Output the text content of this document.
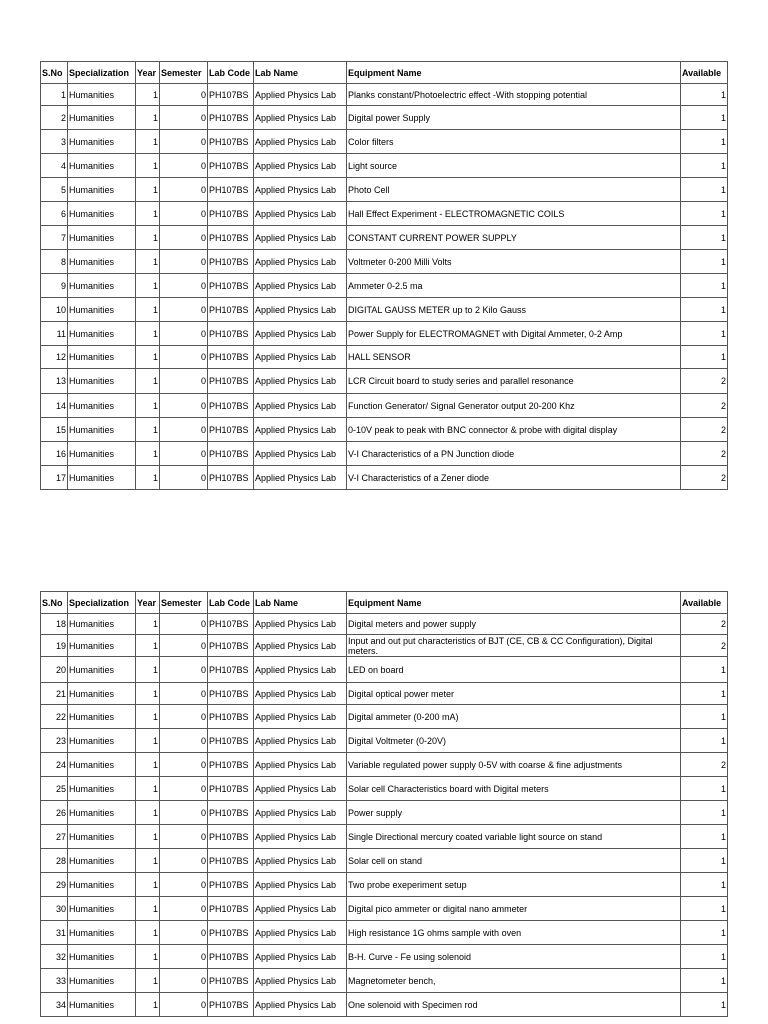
S.No	Specialization	Year	Semester	Lab Code	Lab Name	Equipment Name	Available
1	Humanities	1	0	PH107BS	Applied Physics Lab	Planks constant/Photoelectric effect -With stopping potential	1
2	Humanities	1	0	PH107BS	Applied Physics Lab	Digital power Supply	1
3	Humanities	1	0	PH107BS	Applied Physics Lab	Color filters	1
4	Humanities	1	0	PH107BS	Applied Physics Lab	Light source	1
5	Humanities	1	0	PH107BS	Applied Physics Lab	Photo Cell	1
6	Humanities	1	0	PH107BS	Applied Physics Lab	Hall Effect Experiment - ELECTROMAGNETIC COILS	1
7	Humanities	1	0	PH107BS	Applied Physics Lab	CONSTANT CURRENT POWER SUPPLY	1
8	Humanities	1	0	PH107BS	Applied Physics Lab	Voltmeter 0-200 Milli Volts	1
9	Humanities	1	0	PH107BS	Applied Physics Lab	Ammeter 0-2.5 ma	1
10	Humanities	1	0	PH107BS	Applied Physics Lab	DIGITAL GAUSS METER up to 2 Kilo Gauss	1
11	Humanities	1	0	PH107BS	Applied Physics Lab	Power Supply for ELECTROMAGNET with Digital Ammeter, 0-2 Amp	1
12	Humanities	1	0	PH107BS	Applied Physics Lab	HALL SENSOR	1
13	Humanities	1	0	PH107BS	Applied Physics Lab	LCR Circuit board to study series and parallel resonance	2
14	Humanities	1	0	PH107BS	Applied Physics Lab	Function Generator/ Signal Generator output 20-200 Khz	2
15	Humanities	1	0	PH107BS	Applied Physics Lab	0-10V peak to peak with BNC connector & probe with digital display	2
16	Humanities	1	0	PH107BS	Applied Physics Lab	V-I Characteristics of a PN Junction diode	2
17	Humanities	1	0	PH107BS	Applied Physics Lab	V-I Characteristics of a Zener diode	2
S.No	Specialization	Year	Semester	Lab Code	Lab Name	Equipment Name	Available
18	Humanities	1	0	PH107BS	Applied Physics Lab	Digital meters and power supply	2
19	Humanities	1	0	PH107BS	Applied Physics Lab	Input and out put characteristics of BJT (CE, CB & CC Configuration), Digital meters.	2
20	Humanities	1	0	PH107BS	Applied Physics Lab	LED on board	1
21	Humanities	1	0	PH107BS	Applied Physics Lab	Digital optical power meter	1
22	Humanities	1	0	PH107BS	Applied Physics Lab	Digital ammeter (0-200 mA)	1
23	Humanities	1	0	PH107BS	Applied Physics Lab	Digital Voltmeter (0-20V)	1
24	Humanities	1	0	PH107BS	Applied Physics Lab	Variable regulated power supply 0-5V with coarse & fine adjustments	2
25	Humanities	1	0	PH107BS	Applied Physics Lab	Solar cell Characteristics board with Digital meters	1
26	Humanities	1	0	PH107BS	Applied Physics Lab	Power supply	1
27	Humanities	1	0	PH107BS	Applied Physics Lab	Single Directional mercury coated variable light source on stand	1
28	Humanities	1	0	PH107BS	Applied Physics Lab	Solar cell on stand	1
29	Humanities	1	0	PH107BS	Applied Physics Lab	Two probe exeperiment setup	1
30	Humanities	1	0	PH107BS	Applied Physics Lab	Digital pico ammeter or digital nano ammeter	1
31	Humanities	1	0	PH107BS	Applied Physics Lab	High resistance 1G ohms sample with oven	1
32	Humanities	1	0	PH107BS	Applied Physics Lab	B-H. Curve - Fe using solenoid	1
33	Humanities	1	0	PH107BS	Applied Physics Lab	Magnetometer bench,	1
34	Humanities	1	0	PH107BS	Applied Physics Lab	One solenoid with Specimen rod	1
